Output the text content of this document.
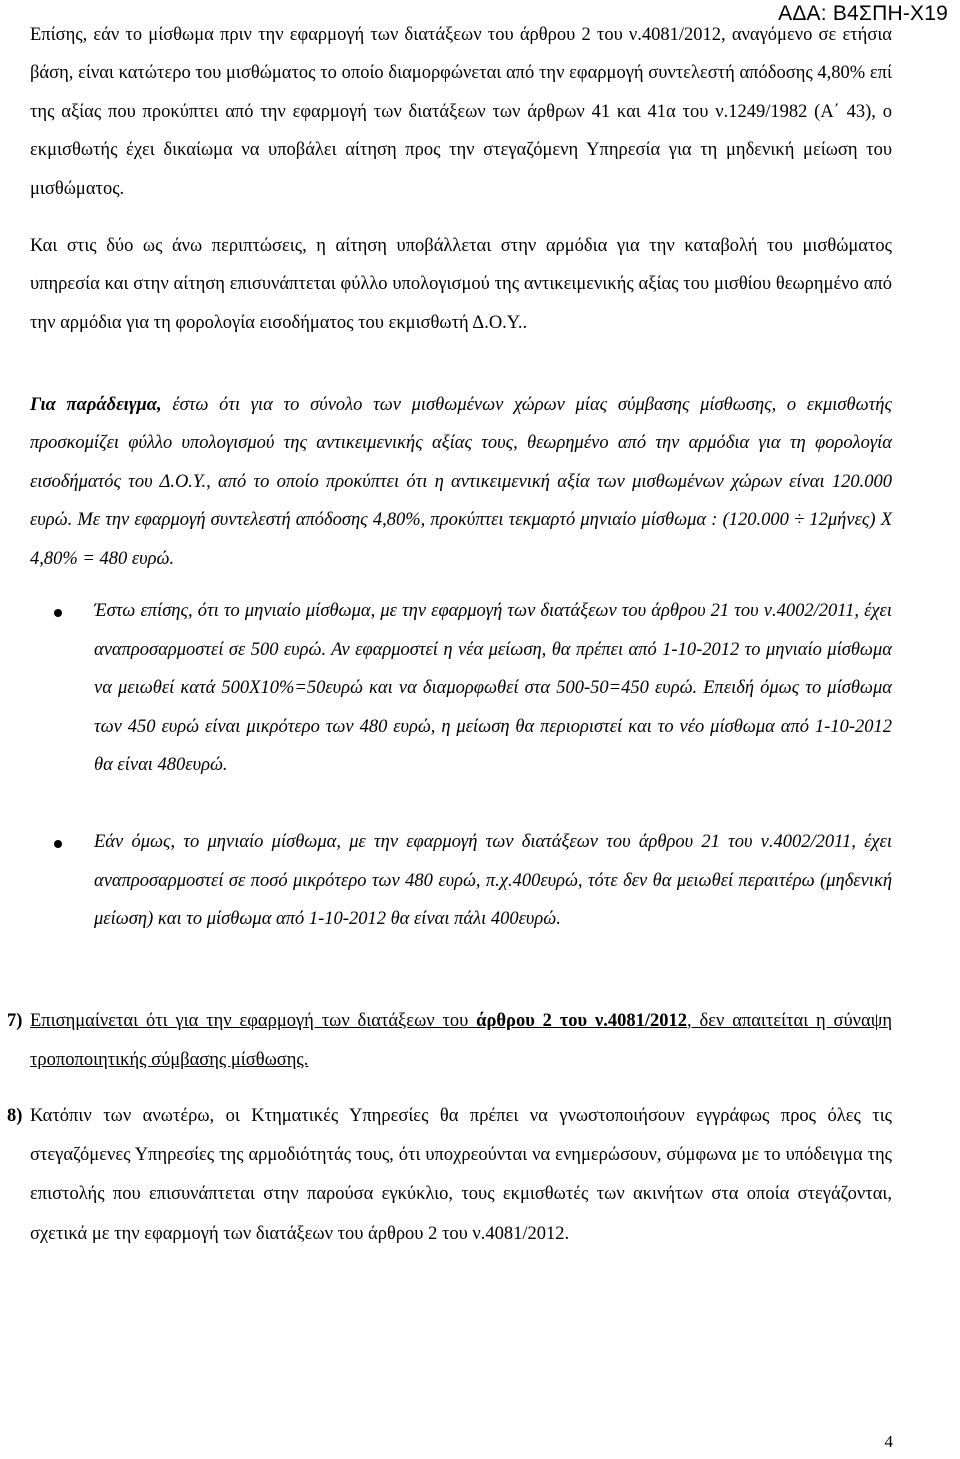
ΑΔΑ: Β4ΣΠΗ-Χ19

Επίσης, εάν το μίσθωμα πριν την εφαρμογή των διατάξεων του άρθρου 2 του ν.4081/2012, αναγόμενο σε ετήσια βάση, είναι κατώτερο του μισθώματος το οποίο διαμορφώνεται από την εφαρμογή συντελεστή απόδοσης 4,80% επί της αξίας που προκύπτει από την εφαρμογή των διατάξεων των άρθρων 41 και 41α του ν.1249/1982 (Α΄ 43), ο εκμισθωτής έχει δικαίωμα να υποβάλει αίτηση προς την στεγαζόμενη Υπηρεσία για τη μηδενική μείωση του μισθώματος.

Και στις δύο ως άνω περιπτώσεις, η αίτηση υποβάλλεται στην αρμόδια για την καταβολή του μισθώματος υπηρεσία και στην αίτηση επισυνάπτεται φύλλο υπολογισμού της αντικειμενικής αξίας του μισθίου θεωρημένο από την αρμόδια για τη φορολογία εισοδήματος του εκμισθωτή Δ.Ο.Υ..

Για παράδειγμα, έστω ότι για το σύνολο των μισθωμένων χώρων μίας σύμβασης μίσθωσης, ο εκμισθωτής προσκομίζει φύλλο υπολογισμού της αντικειμενικής αξίας τους, θεωρημένο από την αρμόδια για τη φορολογία εισοδήματός του Δ.Ο.Υ., από το οποίο προκύπτει ότι η αντικειμενική αξία των μισθωμένων χώρων είναι 120.000 ευρώ. Με την εφαρμογή συντελεστή απόδοσης 4,80%, προκύπτει τεκμαρτό μηνιαίο μίσθωμα : (120.000 ÷ 12μήνες) Χ 4,80% = 480 ευρώ.

Έστω επίσης, ότι το μηνιαίο μίσθωμα, με την εφαρμογή των διατάξεων του άρθρου 21 του ν.4002/2011, έχει αναπροσαρμοστεί σε 500 ευρώ. Αν εφαρμοστεί η νέα μείωση, θα πρέπει από 1-10-2012 το μηνιαίο μίσθωμα να μειωθεί κατά 500Χ10%=50ευρώ και να διαμορφωθεί στα 500-50=450 ευρώ. Επειδή όμως το μίσθωμα των 450 ευρώ είναι μικρότερο των 480 ευρώ, η μείωση θα περιοριστεί και το νέο μίσθωμα από 1-10-2012 θα είναι 480ευρώ.

Εάν όμως, το μηνιαίο μίσθωμα, με την εφαρμογή των διατάξεων του άρθρου 21 του ν.4002/2011, έχει αναπροσαρμοστεί σε ποσό μικρότερο των 480 ευρώ, π.χ.400ευρώ, τότε δεν θα μειωθεί περαιτέρω (μηδενική μείωση) και το μίσθωμα από 1-10-2012 θα είναι πάλι 400ευρώ.

7) Επισημαίνεται ότι για την εφαρμογή των διατάξεων του άρθρου 2 του ν.4081/2012, δεν απαιτείται η σύναψη τροποποιητικής σύμβασης μίσθωσης.

8) Κατόπιν των ανωτέρω, οι Κτηματικές Υπηρεσίες θα πρέπει να γνωστοποιήσουν εγγράφως προς όλες τις στεγαζόμενες Υπηρεσίες της αρμοδιότητάς τους, ότι υποχρεούνται να ενημερώσουν, σύμφωνα με το υπόδειγμα της επιστολής που επισυνάπτεται στην παρούσα εγκύκλιο, τους εκμισθωτές των ακινήτων στα οποία στεγάζονται, σχετικά με την εφαρμογή των διατάξεων του άρθρου 2 του ν.4081/2012.

4
